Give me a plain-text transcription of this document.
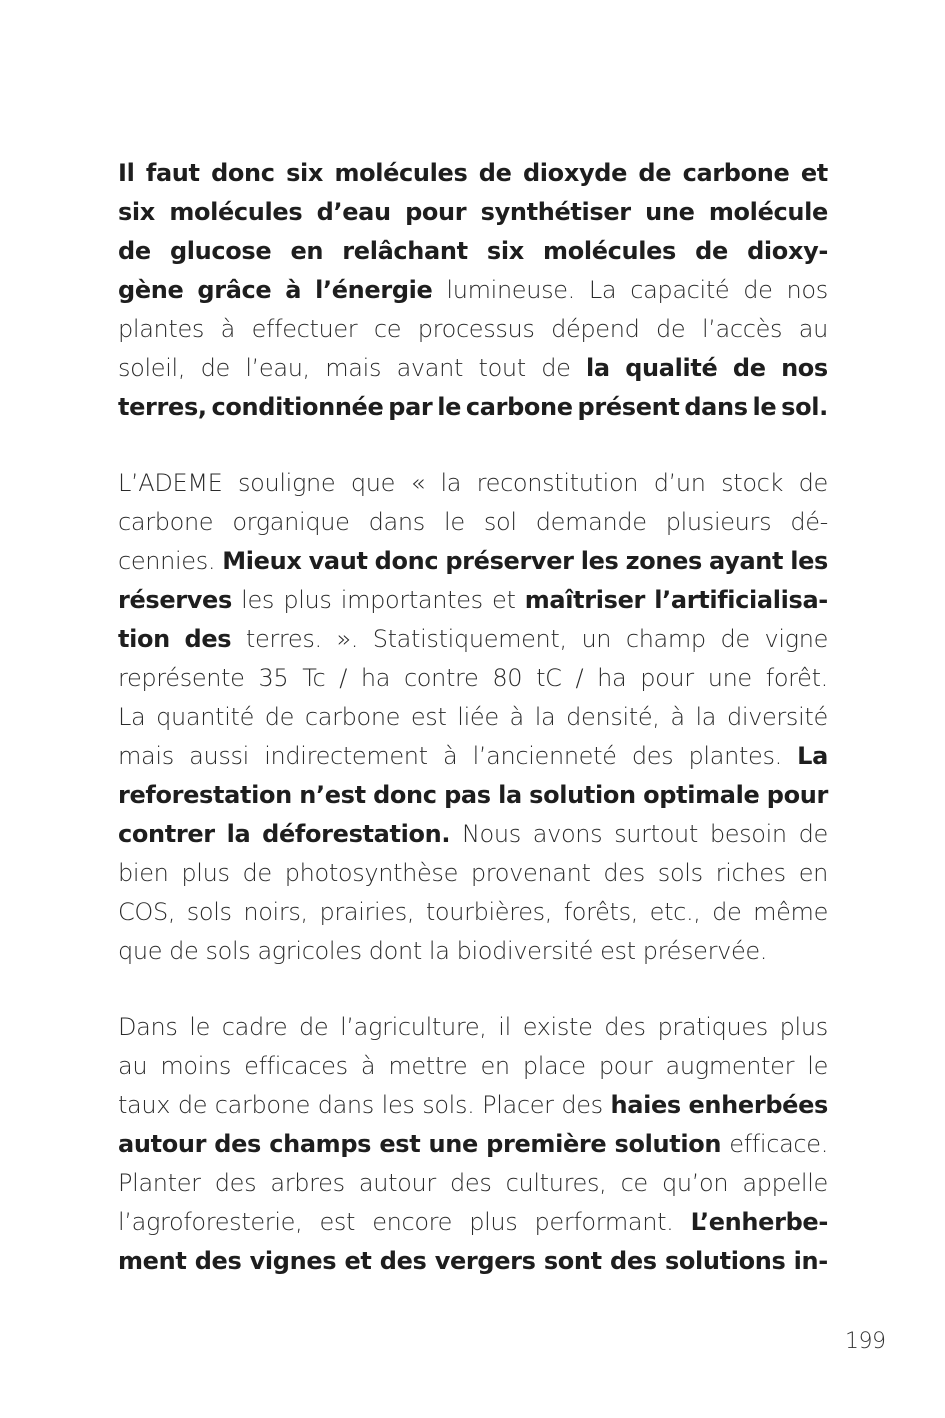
Il faut donc six molécules de dioxyde de carbone et
six molécules d’eau pour synthétiser une molécule
de glucose en relâchant six molécules de dioxy-
gène grâce à l’énergie lumineuse. La capacité de nos
plantes à effectuer ce processus dépend de l’accès au
soleil, de l’eau, mais avant tout de la qualité de nos
terres, conditionnée par le carbone présent dans le sol.
L’ADEME souligne que « la reconstitution d’un stock de
carbone organique dans le sol demande plusieurs dé-
cennies. Mieux vaut donc préserver les zones ayant les
réserves les plus importantes et maîtriser l’artificialisa-
tion des terres. ». Statistiquement, un champ de vigne
représente 35 Tc / ha contre 80 tC / ha pour une forêt.
La quantité de carbone est liée à la densité, à la diversité
mais aussi indirectement à l’ancienneté des plantes. La
reforestation n’est donc pas la solution optimale pour
contrer la déforestation. Nous avons surtout besoin de
bien plus de photosynthèse provenant des sols riches en
COS, sols noirs, prairies, tourbières, forêts, etc., de même
que de sols agricoles dont la biodiversité est préservée.
Dans le cadre de l’agriculture, il existe des pratiques plus
au moins efficaces à mettre en place pour augmenter le
taux de carbone dans les sols. Placer des haies enherbées
autour des champs est une première solution efficace.
Planter des arbres autour des cultures, ce qu’on appelle
l’agroforesterie, est encore plus performant. L’enherbe-
ment des vignes et des vergers sont des solutions in-
199
